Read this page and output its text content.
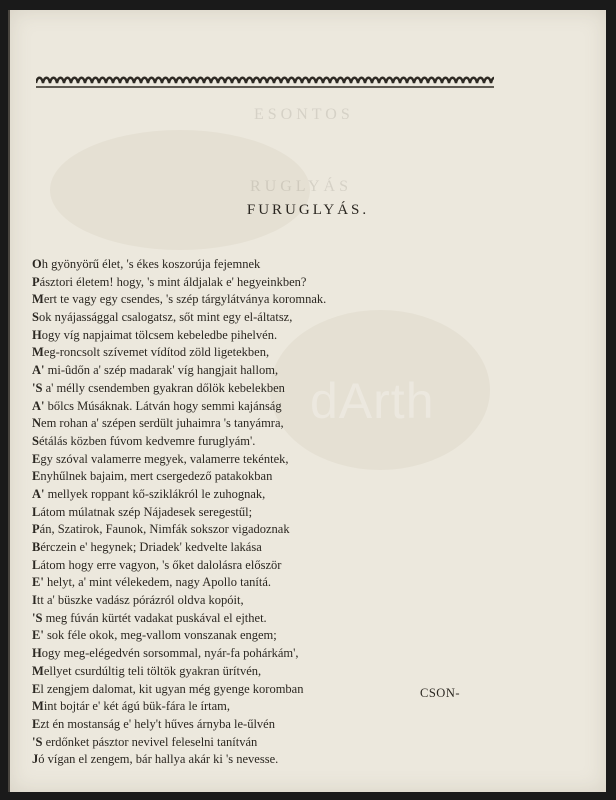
ESONTOS
RUGLYÁS
FURUGLYÁS.
Oh gyönyörű élet, 's ékes koszorúja fejemnek
Pásztori életem! hogy, 's mint áldjalak e' hegyeinkben?
Mert te vagy egy csendes, 's szép tárgylátványa koromnak.
Sok nyájassággal csalogatsz, sőt mint egy el-áltatsz,
Hogy víg napjaimat tölcsem kebeledbe pihelvén.
Meg-roncsolt szívemet vídítod zöld ligetekben,
A' mi-ûdőn a' szép madarak' víg hangjait hallom,
'S a' mélly csendemben gyakran dőlök kebelekben
A' bőlcs Músáknak. Látván hogy semmi kajánság
Nem rohan a' szépen serdült juhaimra 's tanyámra,
Sétálás közben fúvom kedvemre furuglyám'.
Egy szóval valamerre megyek, valamerre tekéntek,
Enyhűlnek bajaim, mert csergedező patakokban
A' mellyek roppant kő-sziklákról le zuhognak,
Látom múlatnak szép Nájadesek seregestűl;
Pán, Szatirok, Faunok, Nimfák sokszor vigadoznak
Bérczein e' hegynek; Driadek' kedvelte lakása
Látom hogy erre vagyon, 's őket dalolásra először
E' helyt, a' mint vélekedem, nagy Apollo tanítá.
Itt a' büszke vadász pórázról oldva kopóit,
'S meg fúván kürtét vadakat puskával el ejthet.
E' sok féle okok, meg-vallom vonszanak engem;
Hogy meg-elégedvén sorsommal, nyár-fa pohárkám',
Mellyet csurdúltig teli töltök gyakran ürítvén,
El zengjem dalomat, kit ugyan még gyenge koromban
Mint bojtár e' két ágú bük-fára le írtam,
Ezt én mostanság e' hely't hűves árnyba le-űlvén
'S erdőnket pásztor nevivel feleselni tanítván
Jó vígan el zengem, bár hallya akár ki 's nevesse.
CSON-
dArth
